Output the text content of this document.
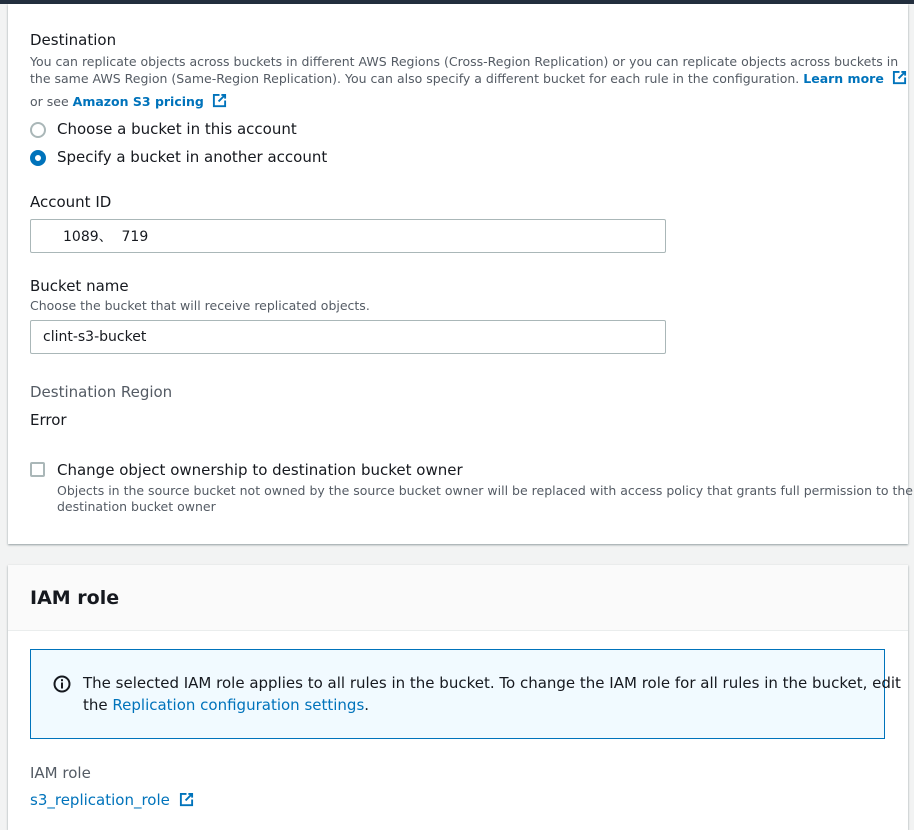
Destination
You can replicate objects across buckets in different AWS Regions (Cross-Region Replication) or you can replicate objects across buckets in
the same AWS Region (Same-Region Replication). You can also specify a different bucket for each rule in the configuration. Learn more
or see Amazon S3 pricing
Choose a bucket in this account
Specify a bucket in another account
Account ID
1089、 719
Bucket name
Choose the bucket that will receive replicated objects.
clint-s3-bucket
Destination Region
Error
Change object ownership to destination bucket owner
Objects in the source bucket not owned by the source bucket owner will be replaced with access policy that grants full permission to the
destination bucket owner
IAM role
The selected IAM role applies to all rules in the bucket. To change the IAM role for all rules in the bucket, edit
the Replication configuration settings.
IAM role
s3_replication_role
